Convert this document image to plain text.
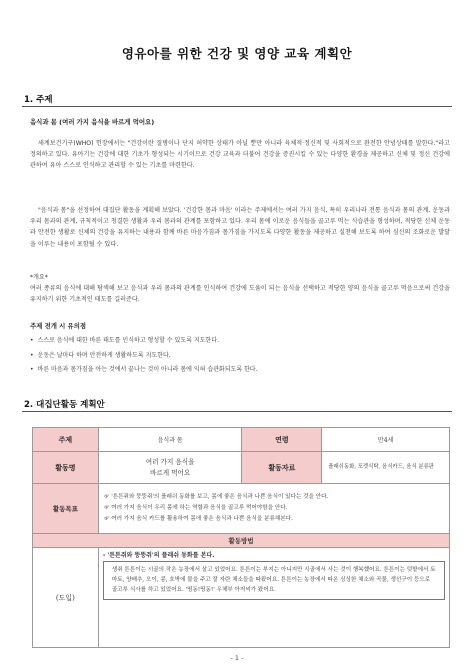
영유아를 위한 건강 및 영양 교육 계획안
1. 주제
음식과 몸 (여러 가지 음식을 바르게 먹어요)
세계보건기구(WHO) 헌장에서는 "건강이란 질병이나 단지 허약한 상태가 아닐 뿐만 아니라 육체적·정신적 및 사회적으로 완전한 안녕상태를 말한다."라고 정의하고 있다. 유아기는 건강에 대한 기초가 형성되는 시기이므로 건강 교육과 더불어 건강을 증진시킬 수 있는 다양한 환경을 제공하고 신체 및 정신 건강에 관하여 유아 스스로 인식하고 관리할 수 있는 기초를 마련한다.
"음식과 몸"을 선정하여 대집단 활동을 계획해 보았다. '건강한 몸과 마음' 이라는 주제에서는 여러 가지 음식, 특히 우리나라 전통 음식과 몸의 관계, 운동과 우리 몸과의 관계, 규칙적이고 청결한 생활과 우리 몸과의 관계를 포함하고 있다. 우리 몸에 이로운 음식들을 골고루 먹는 식습관을 형성하며, 적당한 신체 운동과 안전한 생활로 신체의 건강을 유지하는 내용과 함께 바른 마음가짐과 몸가짐을 가지도록 다양한 활동을 제공하고 실천해 보도록 하여 심신의 조화로운 발달을 이루는 내용이 포함될 수 있다.
*개요*
여러 종류의 음식에 대해 탐색해 보고 음식과 우리 몸과의 관계를 인식하여 건강에 도움이 되는 음식을 선택하고 적당한 양의 음식을 골고루 먹음으로써 건강을 유지하기 위한 기초적인 태도를 길러준다.
주제 전개 시 유의점
• 스스로 음식에 대한 바른 태도를 인식하고 형성할 수 있도록 지도한다.
• 운동은 날마다 하며 안전하게 생활하도록 지도한다.
• 바른 마음과 몸가짐을 아는 것에서 끝나는 것이 아니라 몸에 익혀 습관화되도록 한다.
2. 대집단활동 계획안
주제	음식과 몸	연령	만4세
활동명	여러 가지 음식을
바르게 먹어요	활동자료	플래쉬동화, 포켓식탁, 음식카드, 음식 분류판
활동목표	☞ '튼튼쥐와 뚱뚱쥐'의 플래쉬 동화를 보고, 몸에 좋은 음식과 나쁜 음식이 있다는 것을 안다.
☞ 여러 가지 음식이 우리 몸에 하는 역할과 음식을 골고루 먹어야함을 안다.
☞ 여러 가지 음식 카드를 활용하여 몸에 좋은 음식과 나쁜 음식을 분류해본다.		

활동방법			
(도입)	- '튼튼쥐와 뚱뚱쥐'의 플래쉬 동화를 본다.
생쥐 튼튼이는 시골의 작은 농장에서 살고 있었어요. 튼튼이는 부지는 아니지만 시골에서 사는 것이 행복했어요. 튼튼이는 텃밭에서 토마토, 양배추, 오이, 콩, 호박에 물을 주고 잘 자란 채소들을 따왔어요. 튼튼이는 농장에서 따온 싱싱한 채소와 곡물, 생선구이 등으로 골고루 식사를 하고 있었어요. '띵동!띵동!' 우체부 아저씨가 왔어요.		
- 1 -
